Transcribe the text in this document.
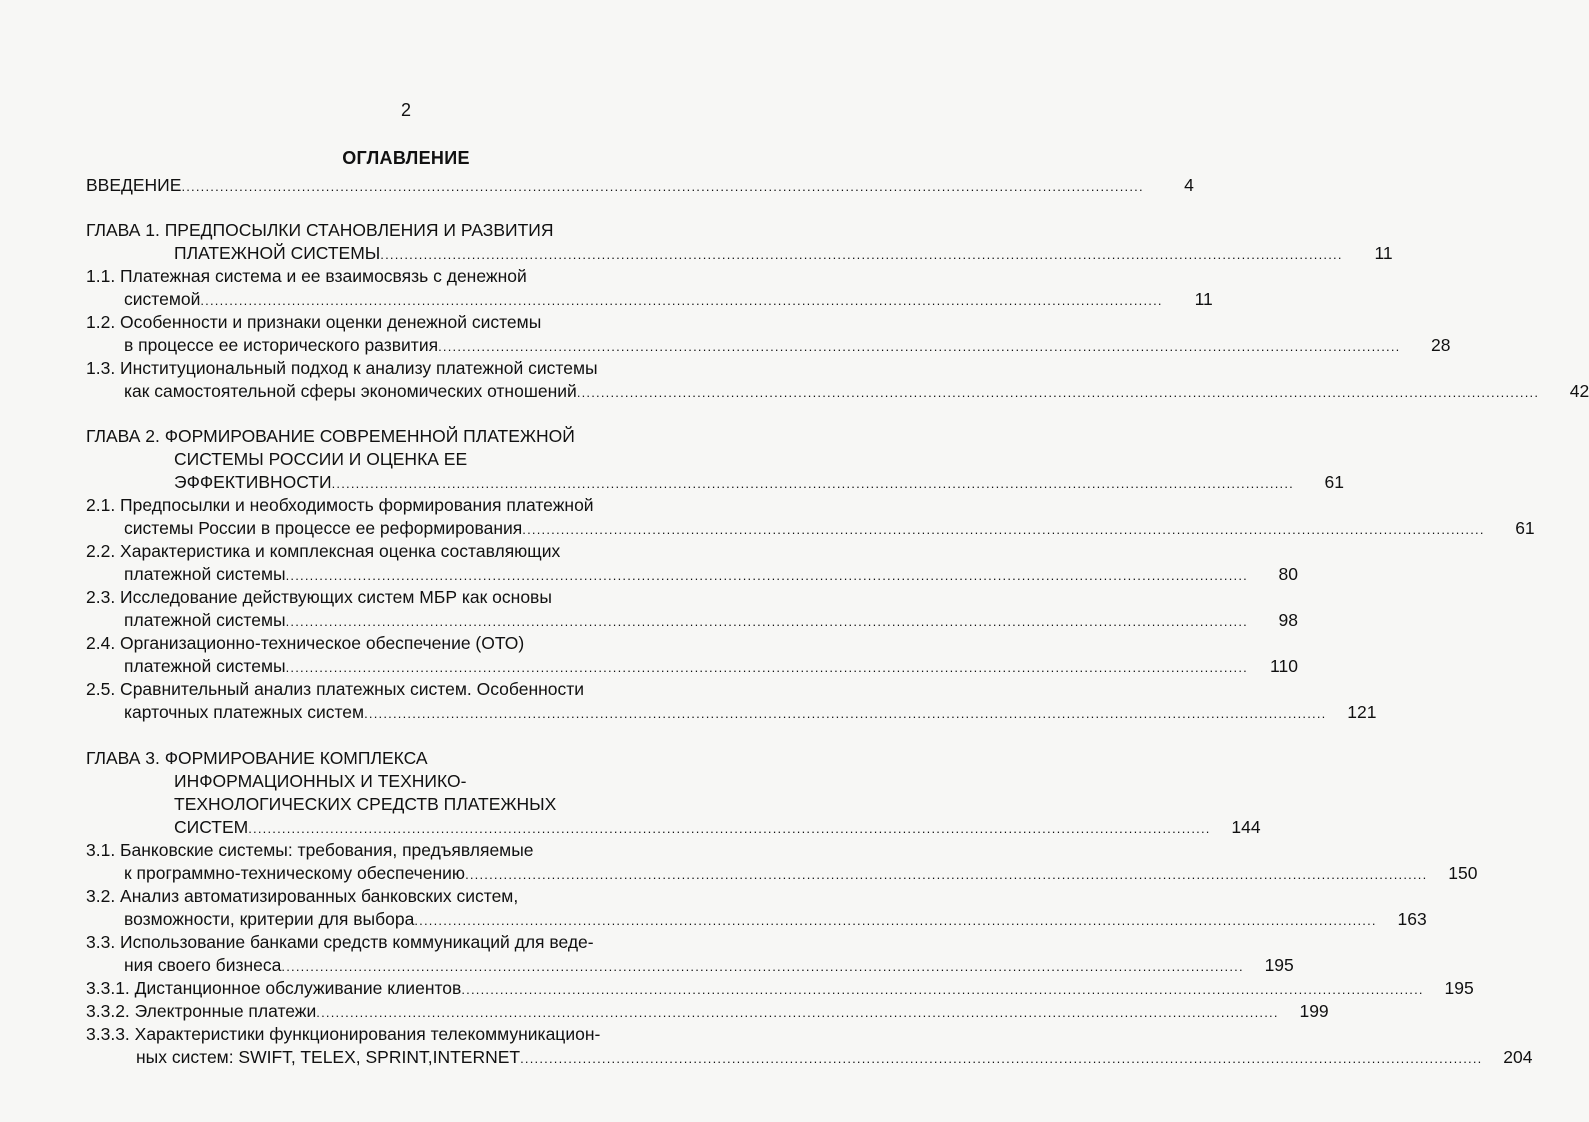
2
ОГЛАВЛЕНИЕ
ВВЕДЕНИЕ ........................................................................................................................................................................................................	4
ГЛАВА 1. ПРЕДПОСЫЛКИ СТАНОВЛЕНИЯ И РАЗВИТИЯ
ПЛАТЕЖНОЙ СИСТЕМЫ ........................................................................................................................................................................................................	11
1.1. Платежная система и ее взаимосвязь с денежной
системой ........................................................................................................................................................................................................	11
1.2. Особенности и признаки оценки денежной системы
в процессе ее исторического развития ........................................................................................................................................................................................................	28
1.3. Институциональный подход к анализу платежной системы
как самостоятельной сферы экономических отношений ........................................................................................................................................................................................................	42
ГЛАВА 2. ФОРМИРОВАНИЕ СОВРЕМЕННОЙ ПЛАТЕЖНОЙ
СИСТЕМЫ РОССИИ И ОЦЕНКА ЕЕ
ЭФФЕКТИВНОСТИ ........................................................................................................................................................................................................	61
2.1. Предпосылки и необходимость формирования платежной
системы России в процессе ее реформирования ........................................................................................................................................................................................................	61
2.2. Характеристика и комплексная оценка составляющих
платежной системы ........................................................................................................................................................................................................	80
2.3. Исследование действующих систем МБР как основы
платежной системы ........................................................................................................................................................................................................	98
2.4. Организационно-техническое обеспечение (ОТО)
платежной системы ........................................................................................................................................................................................................	110
2.5. Сравнительный анализ платежных систем. Особенности
карточных платежных систем ........................................................................................................................................................................................................ 121
ГЛАВА 3. ФОРМИРОВАНИЕ КОМПЛЕКСА
ИНФОРМАЦИОННЫХ И ТЕХНИКО-
ТЕХНОЛОГИЧЕСКИХ СРЕДСТВ ПЛАТЕЖНЫХ
СИСТЕМ ........................................................................................................................................................................................................ 144
3.1. Банковские системы: требования, предъявляемые
к программно-техническому обеспечению ........................................................................................................................................................................................................ 150
3.2. Анализ автоматизированных банковских систем,
возможности, критерии для выбора ........................................................................................................................................................................................................ 163
3.3. Использование банками средств коммуникаций для веде-
ния своего бизнеса ........................................................................................................................................................................................................ 195
3.3.1. Дистанционное обслуживание клиентов ........................................................................................................................................................................................................ 195
3.3.2. Электронные платежи ........................................................................................................................................................................................................ 199
3.3.3. Характеристики функционирования телекоммуникацион-
ных систем: SWIFT, TELEX, SPRINT,INTERNET ........................................................................................................................................................................................................ 204
